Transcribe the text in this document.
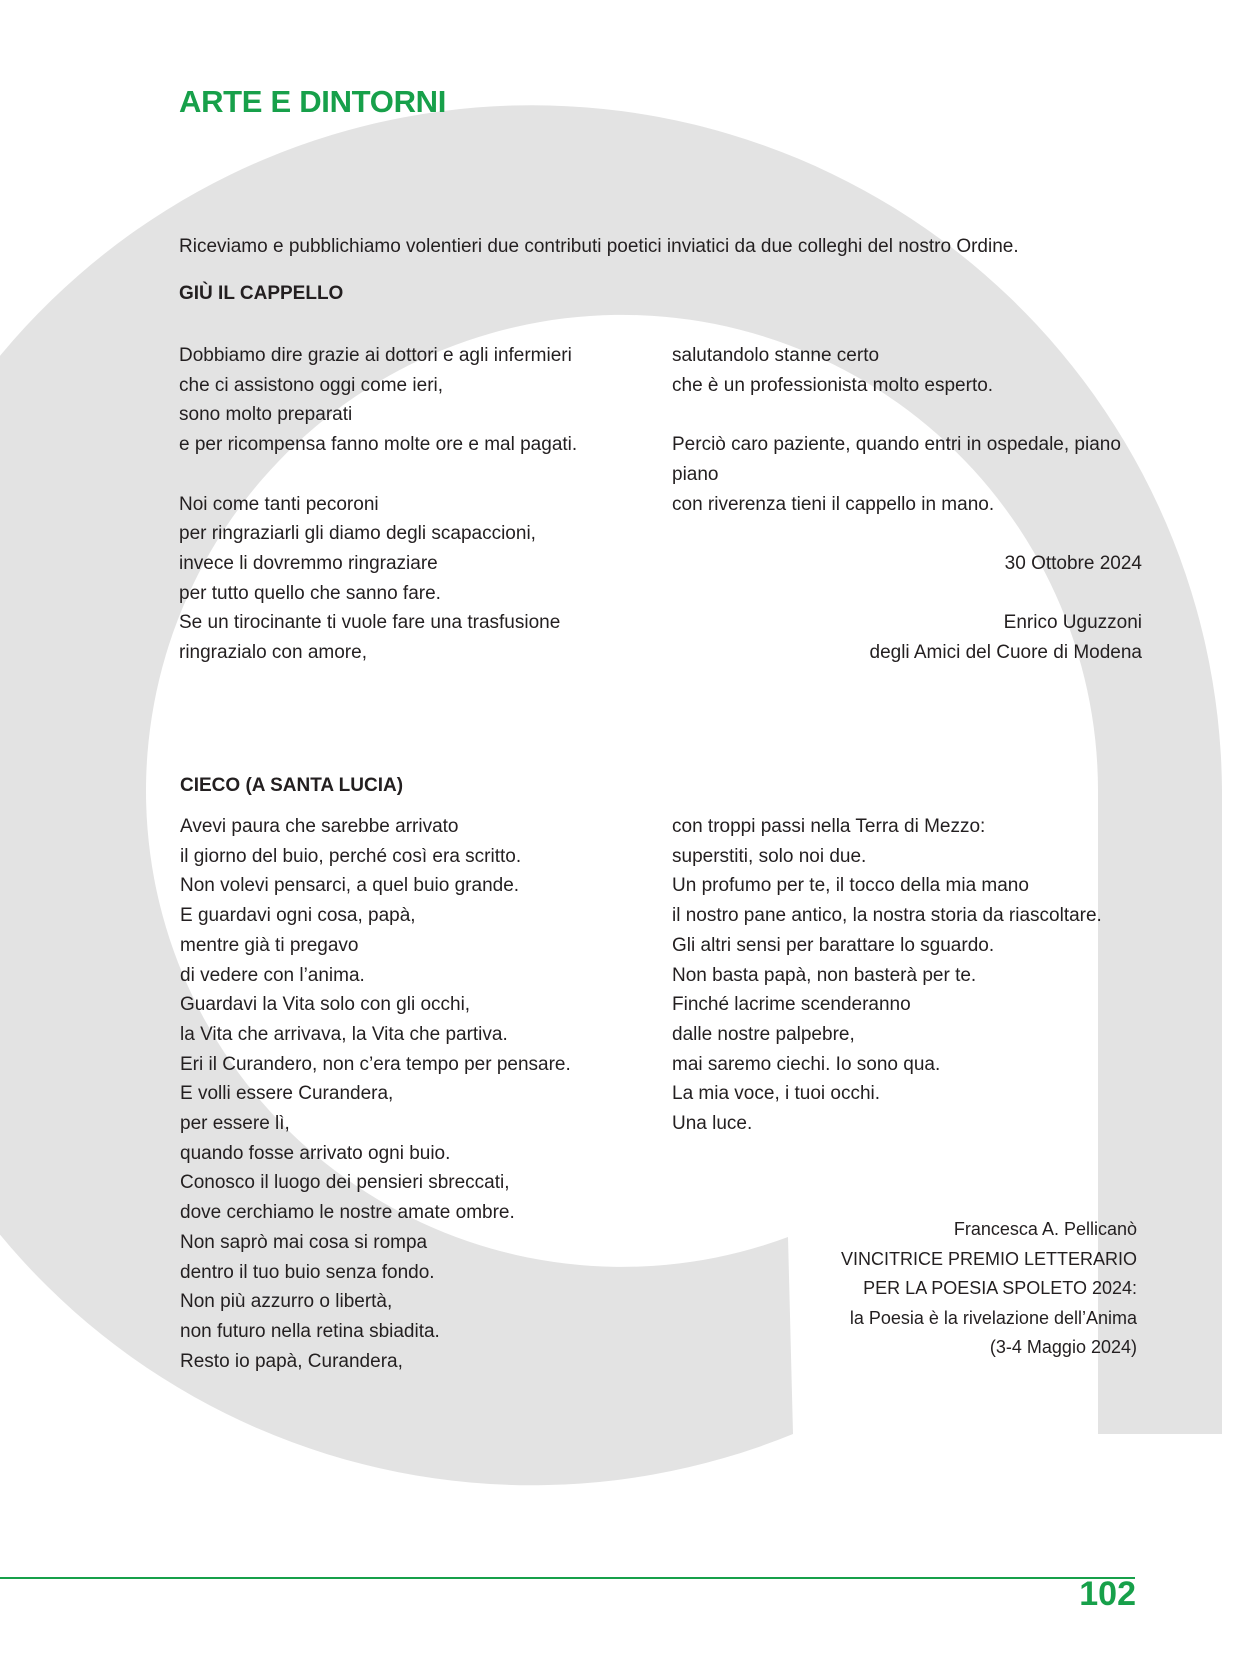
ARTE E DINTORNI
Riceviamo e pubblichiamo volentieri due contributi poetici inviatici da due colleghi del nostro Ordine.
GIÙ IL CAPPELLO
Dobbiamo dire grazie ai dottori e agli infermieri
che ci assistono oggi come ieri,
sono molto preparati
e per ricompensa fanno molte ore e mal pagati.
Noi come tanti pecoroni
per ringraziarli gli diamo degli scapaccioni,
invece li dovremmo ringraziare
per tutto quello che sanno fare.
Se un tirocinante ti vuole fare una trasfusione
ringrazialo con amore,
salutandolo stanne certo
che è un professionista molto esperto.
Perciò caro paziente, quando entri in ospedale, piano
piano
con riverenza tieni il cappello in mano.
30 Ottobre 2024
Enrico Uguzzoni
degli Amici del Cuore di Modena
CIECO (A SANTA LUCIA)
Avevi paura che sarebbe arrivato
il giorno del buio, perché così era scritto.
Non volevi pensarci, a quel buio grande.
E guardavi ogni cosa, papà,
mentre già ti pregavo
di vedere con l’anima.
Guardavi la Vita solo con gli occhi,
la Vita che arrivava, la Vita che partiva.
Eri il Curandero, non c’era tempo per pensare.
E volli essere Curandera,
per essere lì,
quando fosse arrivato ogni buio.
Conosco il luogo dei pensieri sbreccati,
dove cerchiamo le nostre amate ombre.
Non saprò mai cosa si rompa
dentro il tuo buio senza fondo.
Non più azzurro o libertà,
non futuro nella retina sbiadita.
Resto io papà, Curandera,
con troppi passi nella Terra di Mezzo:
superstiti, solo noi due.
Un profumo per te, il tocco della mia mano
il nostro pane antico, la nostra storia da riascoltare.
Gli altri sensi per barattare lo sguardo.
Non basta papà, non basterà per te.
Finché lacrime scenderanno
dalle nostre palpebre,
mai saremo ciechi. Io sono qua.
La mia voce, i tuoi occhi.
Una luce.
Francesca A. Pellicanò
VINCITRICE PREMIO LETTERARIO
PER LA POESIA SPOLETO 2024:
la Poesia è la rivelazione dell’Anima
(3-4 Maggio 2024)
102
